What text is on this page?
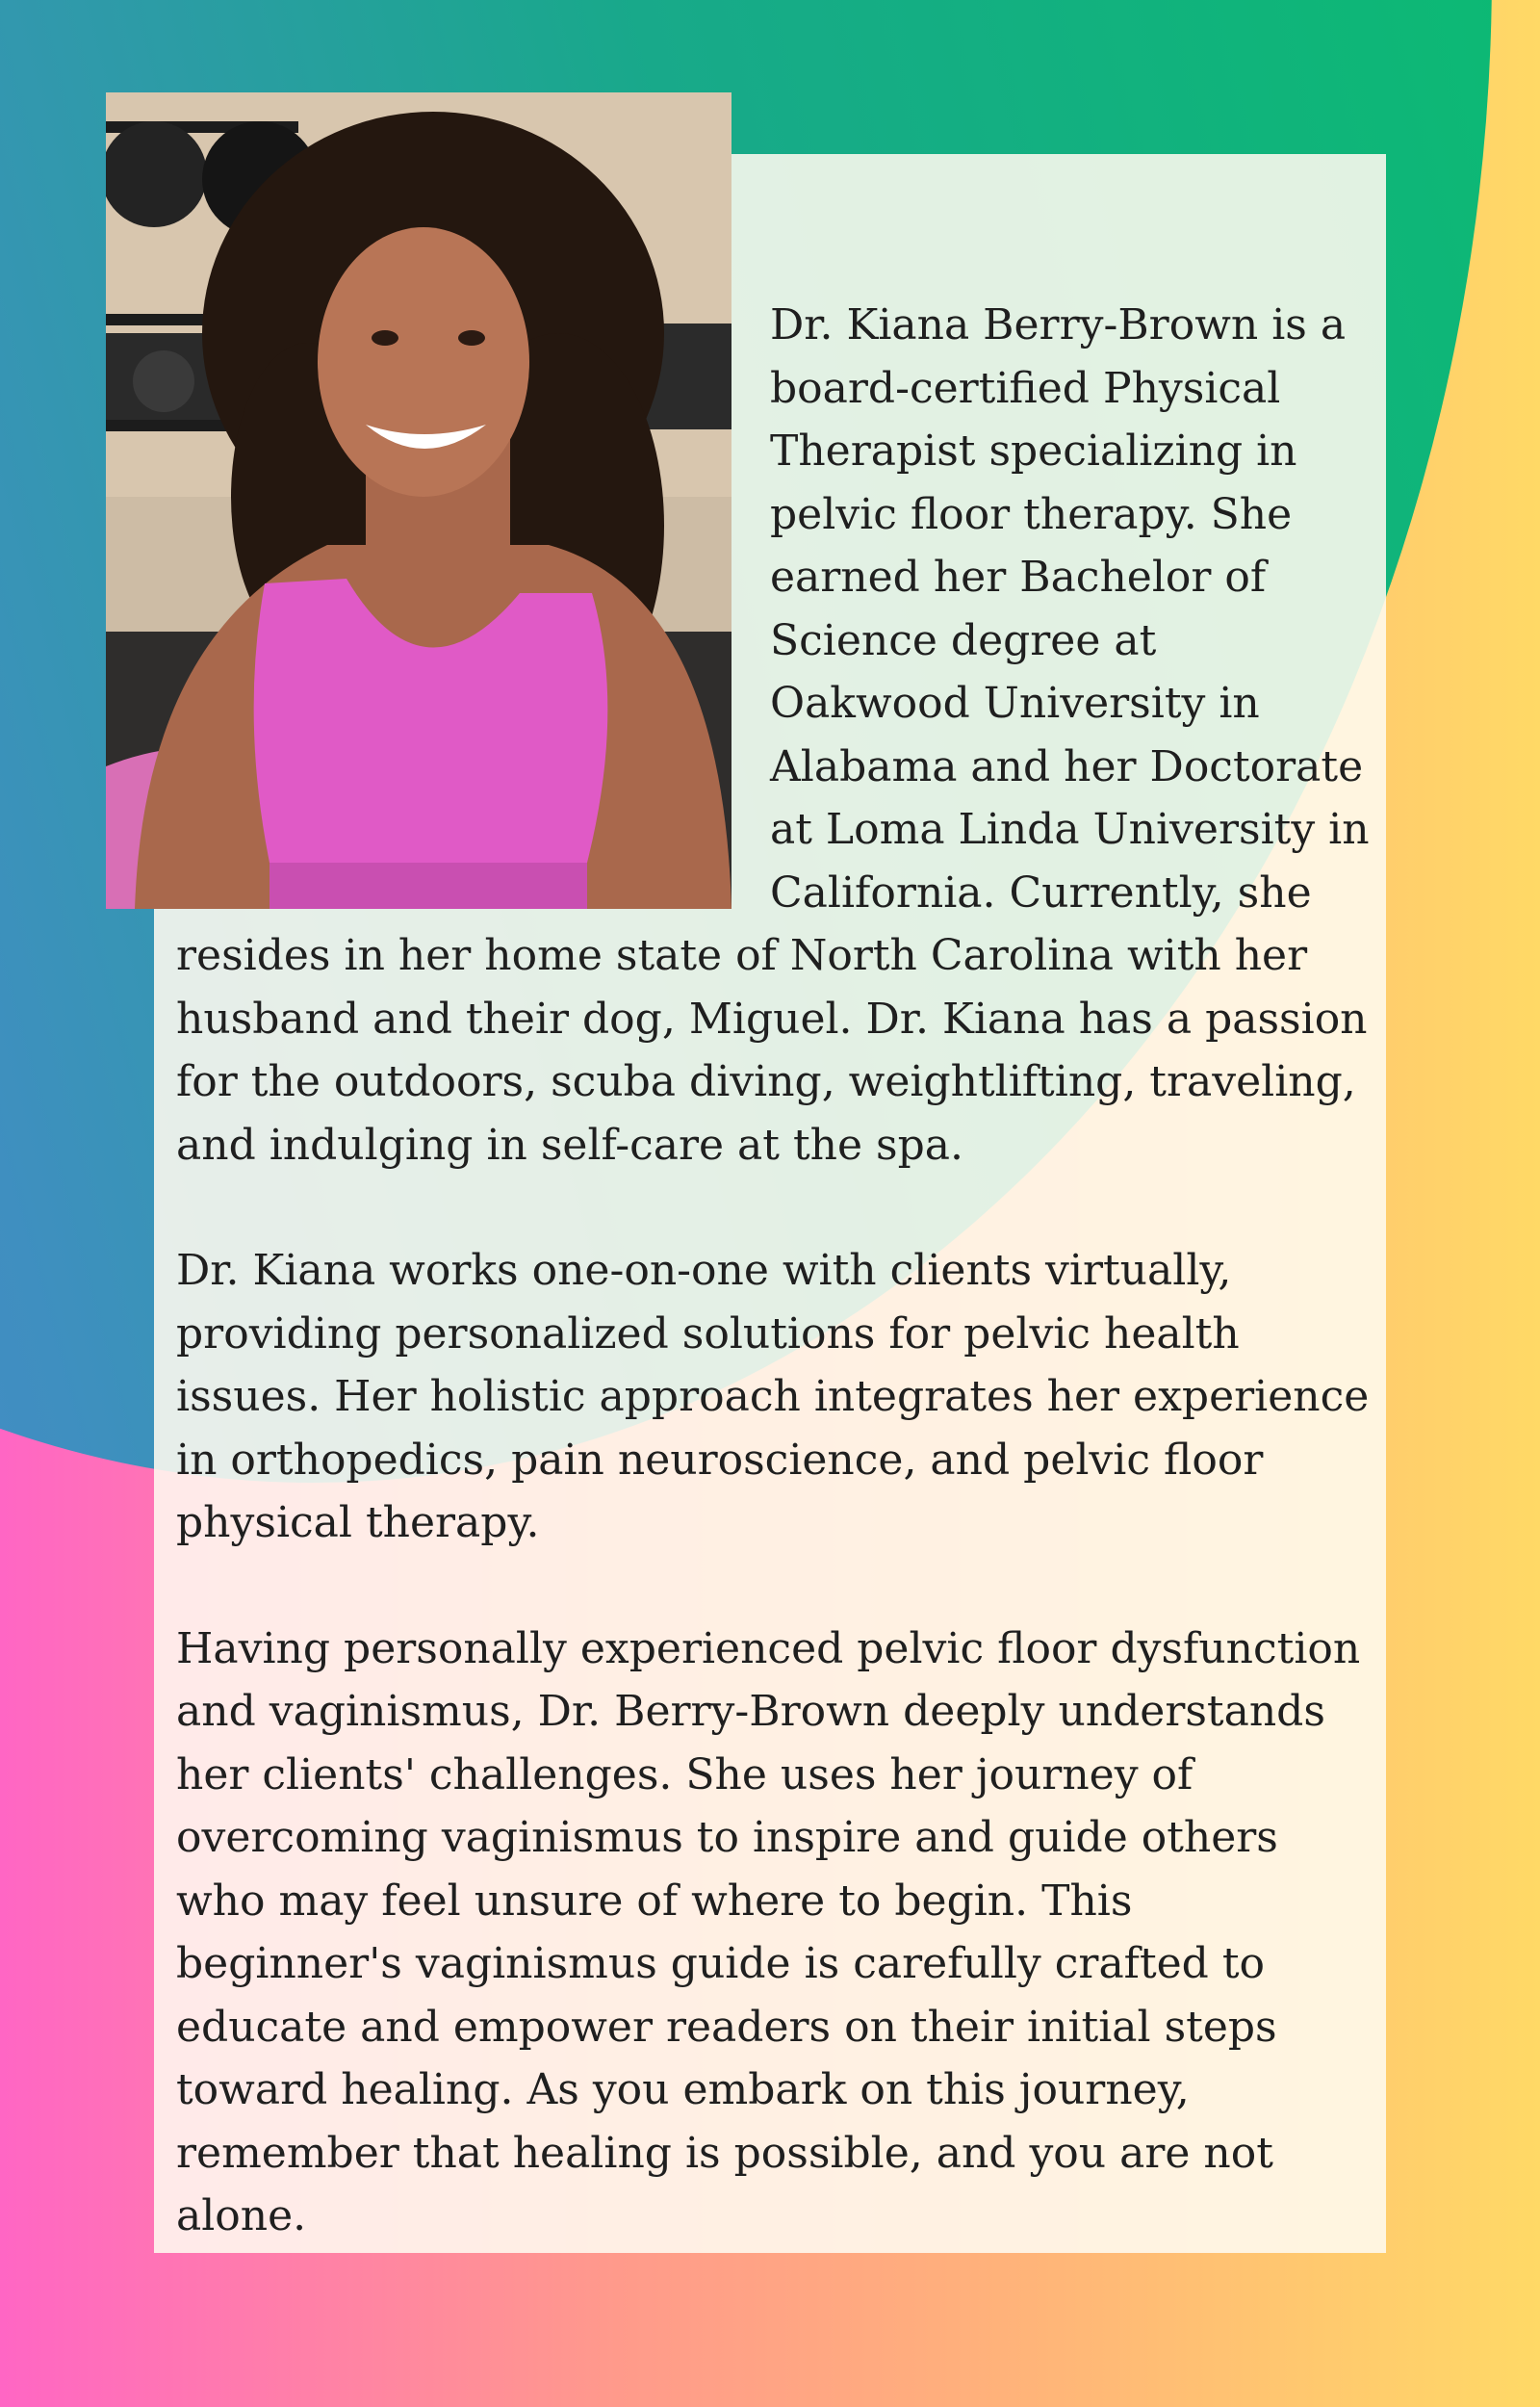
Dr. Kiana Berry-Brown is a board-certified Physical Therapist specializing in pelvic floor therapy. She earned her Bachelor of Science degree at Oakwood University in Alabama and her Doctorate at Loma Linda University in California. Currently, she resides in her home state of North Carolina with her husband and their dog, Miguel. Dr. Kiana has a passion for the outdoors, scuba diving, weightlifting, traveling, and indulging in self-care at the spa.

Dr. Kiana works one-on-one with clients virtually, providing personalized solutions for pelvic health issues. Her holistic approach integrates her experience in orthopedics, pain neuroscience, and pelvic floor physical therapy.

Having personally experienced pelvic floor dysfunction and vaginismus, Dr. Berry-Brown deeply understands her clients' challenges. She uses her journey of overcoming vaginismus to inspire and guide others who may feel unsure of where to begin. This beginner's vaginismus guide is carefully crafted to educate and empower readers on their initial steps toward healing. As you embark on this journey, remember that healing is possible, and you are not alone.
